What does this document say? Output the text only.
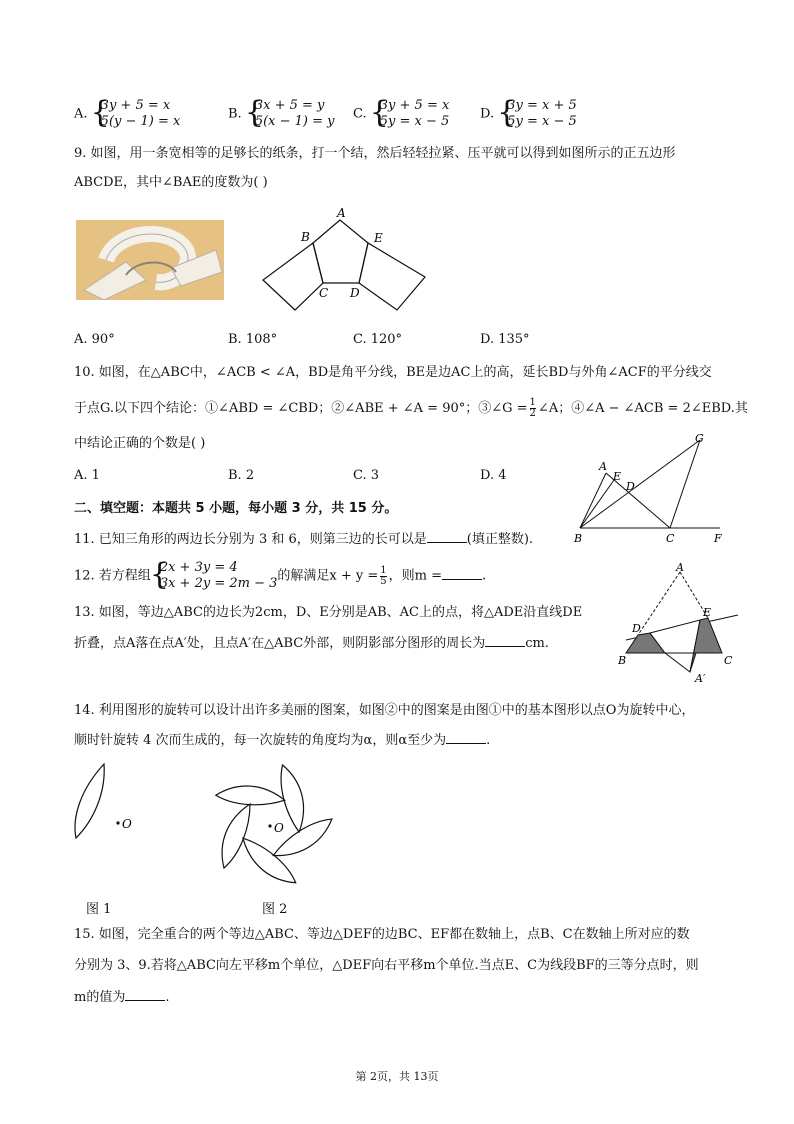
A. { 3y + 5 = x
5(y − 1) = x	B. { 3x + 5 = y
5(x − 1) = y C. { 3y + 5 = x
5y = x − 5 D. { 3y = x + 5
5y = x − 5
9. 如图，用一条宽相等的足够长的纸条，打一个结，然后轻轻拉紧、压平就可以得到如图所示的正五边形
ABCDE，其中∠BAE的度数为( )
A
B
C D
E
A. 90°	B. 108°	C. 120°	D. 135°
10. 如图，在△ABC中，∠ACB < ∠A，BD是角平分线，BE是边AC上的高，延长BD与外角∠ACF的平分线交
于点G.以下四个结论：①∠ABD = ∠CBD；②∠ABE + ∠A = 90°；③∠G = $\frac{1}{2}$ ∠A；④∠A − ∠ACB = 2∠EBD.其
中结论正确的个数是( )
A. 1	B. 2	C. 3	D. 4
A
E
D
B	C	F
G
二、填空题：本题共 5 小题，每小题 3 分，共 15 分。
11. 已知三角形的两边长分别为 3 和 6，则第三边的长可以是	(填正整数).
12. 若方程组{ 2x + 3y = 4
3x + 2y = 2m − 3的解满足$x + y = \frac{1}{5}$ ，则m =	.
13. 如图，等边△ABC的边长为2cm，D、E分别是AB、AC上的点，将△ADE沿直线DE
折叠，点A落在点A′处，且点A′在△ABC外部，则阴影部分图形的周长为	cm.
A
D
E
B	C
A′
14. 利用图形的旋转可以设计出许多美丽的图案，如图②中的图案是由图①中的基本图形以点O为旋转中心，
顺时针旋转 4 次而生成的，每一次旋转的角度均为α，则α至少为	.
O	O
图 1	图 2
15. 如图，完全重合的两个等边△ABC、等边△DEF的边BC、EF都在数轴上，点B、C在数轴上所对应的数
分别为 3、9.若将△ABC向左平移m个单位，△DEF向右平移m个单位.当点E、C为线段BF的三等分点时，则
m的值为	.
第 2页，共 13页
